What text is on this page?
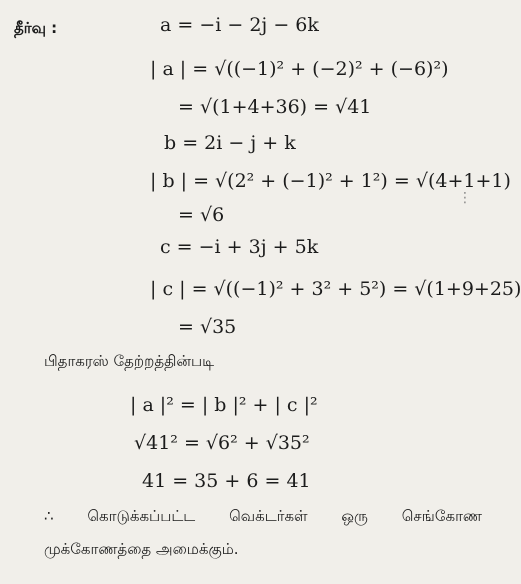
தீர்வு :	a = −i − 2j − 6k
| a | = √((−1)² + (−2)² + (−6)²)
= √(1+4+36) = √41
b = 2i − j + k
| b | = √(2² + (−1)² + 1²) = √(4+1+1)
= √6
c = −i + 3j + 5k
| c | = √((−1)² + 3² + 5²) = √(1+9+25)
= √35
பிதாகரஸ் தேற்றத்தின்படி
| a |² = | b |² + | c |²
√41² = √6² + √35²
41 = 35 + 6 = 41
∴ கொடுக்கப்பட்ட வெக்டர்கள் ஒரு செங்கோண
முக்கோணத்தை அமைக்கும்.
⋮
